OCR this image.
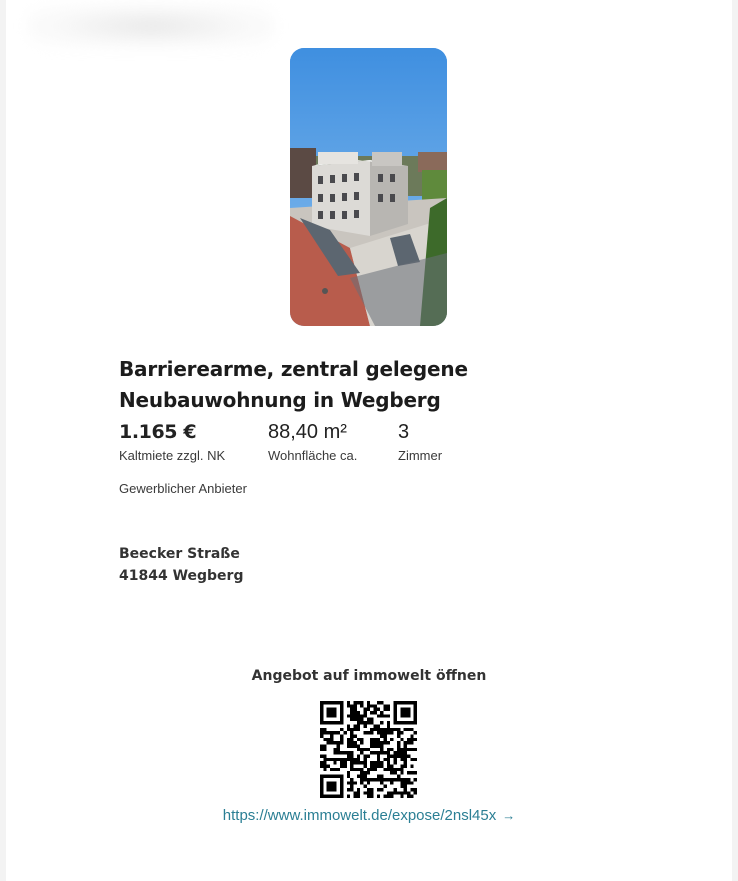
Barrierearme, zentral gelegene Neubauwohnung in Wegberg
1.165 €
Kaltmiete zzgl. NK
88,40 m²
Wohnfläche ca.
3
Zimmer
Gewerblicher Anbieter
Beecker Straße
41844 Wegberg
Angebot auf immowelt öffnen
https://www.immowelt.de/expose/2nsl45x →
